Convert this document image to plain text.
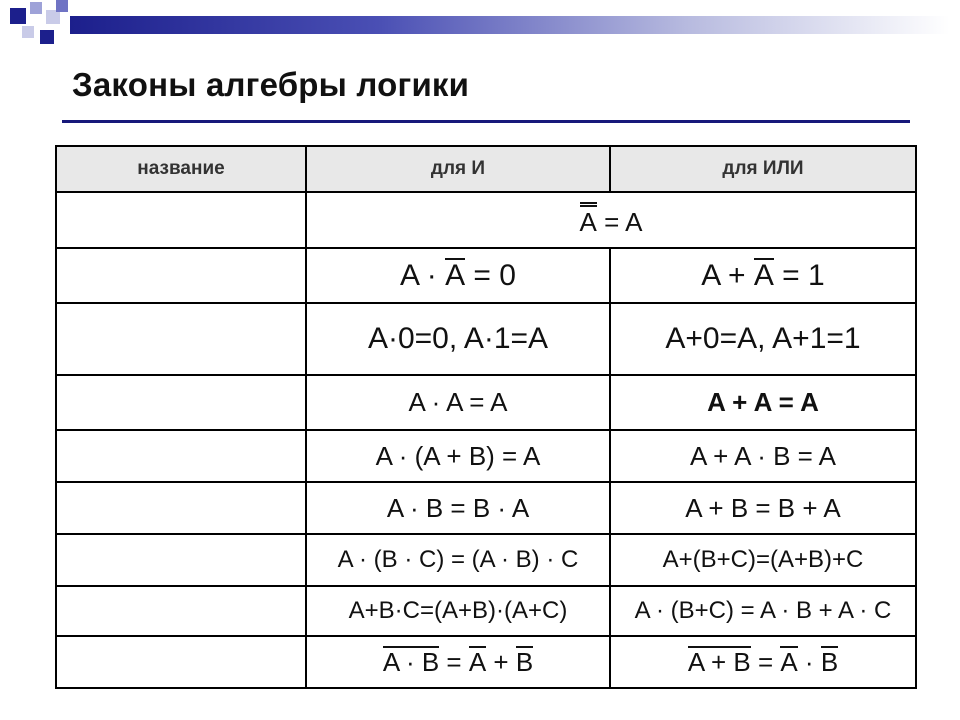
Законы алгебры логики
название	для И	для ИЛИ
	A = A	
	A · A = 0	A + A = 1
	A·0=0, A·1=A	A+0=A, A+1=1
	A · A = A	A + A = A
	A · (A + B) = A	A + A · B = A
	A · B = B · A	A + B = B + A
	A · (B · C) = (A · B) · C	A+(B+C)=(A+B)+C
	A+B·C=(A+B)·(A+C)	A · (B+C) = A · B + A · C
	A · B = A + B	A + B = A · B
